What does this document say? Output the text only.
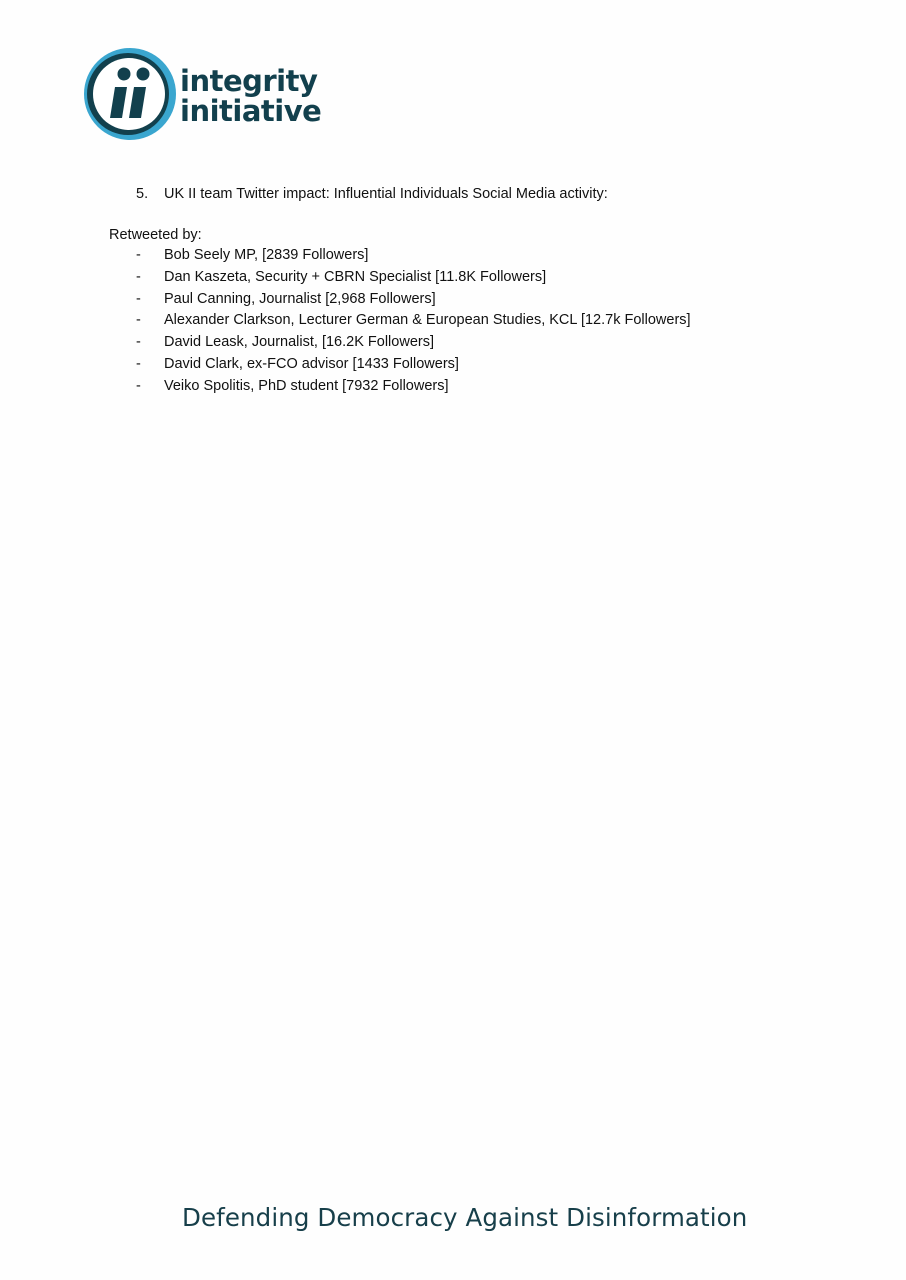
integrity
initiative
5. UK II team Twitter impact: Influential Individuals Social Media activity:
Retweeted by:
- Bob Seely MP, [2839 Followers]
- Dan Kaszeta, Security + CBRN Specialist [11.8K Followers]
- Paul Canning, Journalist [2,968 Followers]
- Alexander Clarkson, Lecturer German & European Studies, KCL [12.7k Followers]
- David Leask, Journalist, [16.2K Followers]
- David Clark, ex-FCO advisor [1433 Followers]
- Veiko Spolitis, PhD student [7932 Followers]
Defending Democracy Against Disinformation
